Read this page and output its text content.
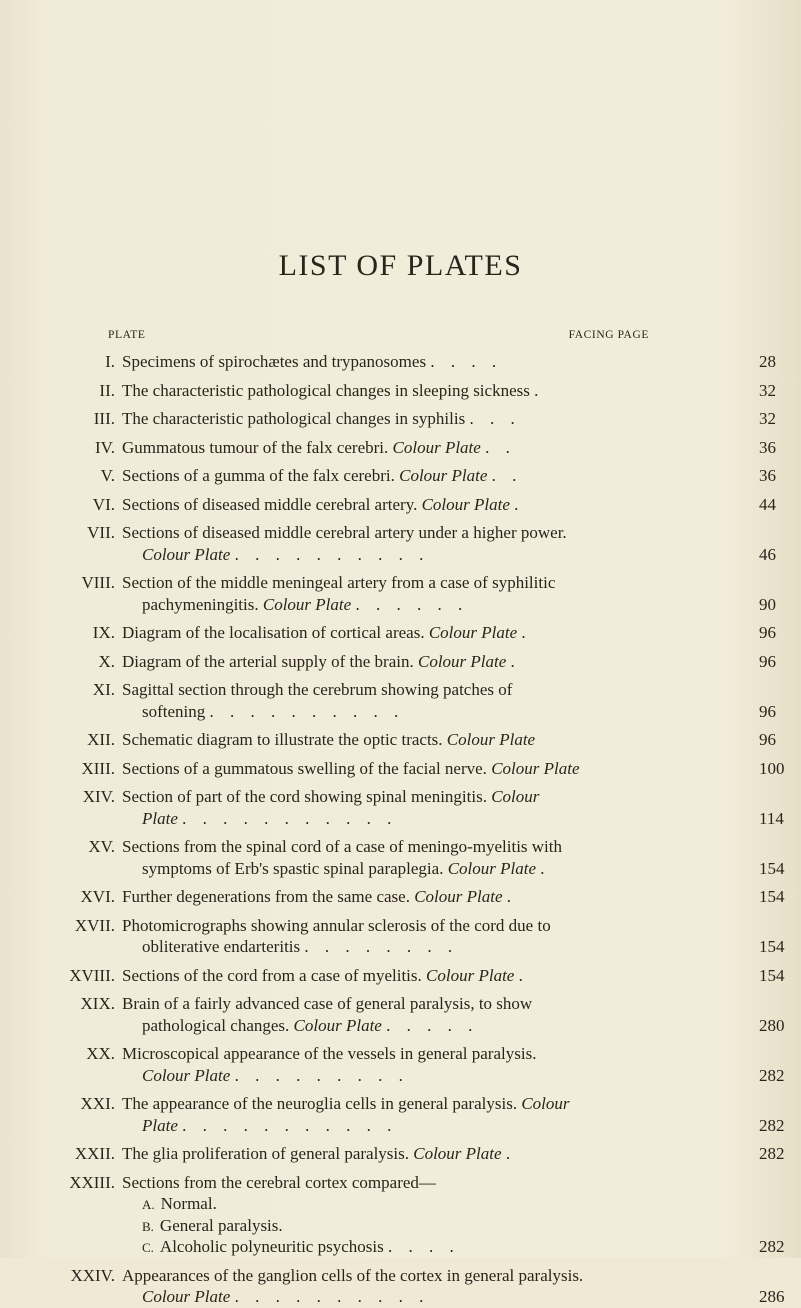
LIST OF PLATES
PLATE	FACING PAGE
I. Specimens of spirochætes and trypanosomes . . . .	28
II. The characteristic pathological changes in sleeping sickness .	32
III. The characteristic pathological changes in syphilis . . .	32
IV. Gummatous tumour of the falx cerebri. Colour Plate . .	36
V. Sections of a gumma of the falx cerebri. Colour Plate . .	36
VI. Sections of diseased middle cerebral artery. Colour Plate .	44
VII. Sections of diseased middle cerebral artery under a higher power.
Colour Plate . . . . . . . . . .	46
VIII. Section of the middle meningeal artery from a case of syphilitic
pachymeningitis. Colour Plate . . . . . .	90
IX. Diagram of the localisation of cortical areas. Colour Plate .	96
X. Diagram of the arterial supply of the brain. Colour Plate .	96
XI. Sagittal section through the cerebrum showing patches of
softening . . . . . . . . . .	96
XII. Schematic diagram to illustrate the optic tracts. Colour Plate	96
XIII. Sections of a gummatous swelling of the facial nerve. Colour Plate	100
XIV. Section of part of the cord showing spinal meningitis. Colour
Plate . . . . . . . . . . .	114
XV. Sections from the spinal cord of a case of meningo-myelitis with
symptoms of Erb's spastic spinal paraplegia. Colour Plate .	154
XVI. Further degenerations from the same case. Colour Plate .	154
XVII. Photomicrographs showing annular sclerosis of the cord due to
obliterative endarteritis . . . . . . . .	154
XVIII. Sections of the cord from a case of myelitis. Colour Plate .	154
XIX. Brain of a fairly advanced case of general paralysis, to show
pathological changes. Colour Plate . . . . .	280
XX. Microscopical appearance of the vessels in general paralysis.
Colour Plate . . . . . . . . .	282
XXI. The appearance of the neuroglia cells in general paralysis. Colour
Plate . . . . . . . . . . .	282
XXII. The glia proliferation of general paralysis. Colour Plate .	282
XXIII. Sections from the cerebral cortex compared—
A. Normal.
B. General paralysis.
C. Alcoholic polyneuritic psychosis . . . .	282
XXIV. Appearances of the ganglion cells of the cortex in general paralysis.
Colour Plate . . . . . . . . . .	286
